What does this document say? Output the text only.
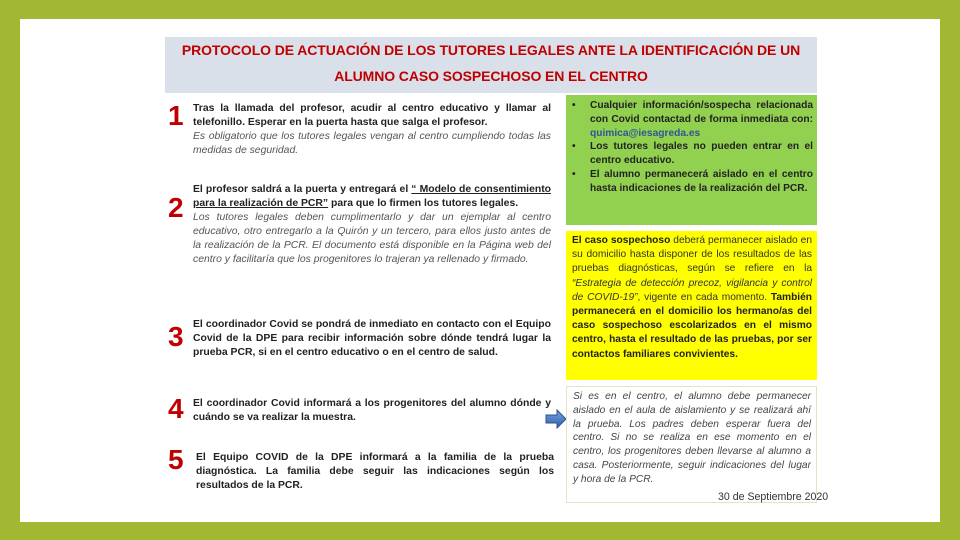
PROTOCOLO DE ACTUACIÓN DE LOS TUTORES LEGALES ANTE LA IDENTIFICACIÓN DE UN
ALUMNO CASO SOSPECHOSO EN EL CENTRO
1 Tras la llamada del profesor, acudir al centro educativo y llamar al telefonillo. Esperar en la puerta hasta que salga el profesor.
Es obligatorio que los tutores legales vengan al centro cumpliendo todas las medidas de seguridad.
2
El profesor saldrá a la puerta y entregará el “ Modelo de consentimiento para la realización de PCR” para que lo firmen los tutores legales.
Los tutores legales deben cumplimentarlo y dar un ejemplar al centro educativo, otro entregarlo a la Quirón y un tercero, para ellos justo antes de la realización de la PCR. El documento está disponible en la Página web del centro y facilitaría que los progenitores lo trajeran ya rellenado y firmado.
3 El coordinador Covid se pondrá de inmediato en contacto con el Equipo Covid de la DPE para recibir información sobre dónde tendrá lugar la prueba PCR, si en el centro educativo o en el centro de salud.
4 El coordinador Covid informará a los progenitores del alumno dónde y cuándo se va realizar la muestra.
5 El Equipo COVID de la DPE informará a la familia de la prueba diagnóstica. La familia debe seguir las indicaciones según los resultados de la PCR.
• Cualquier información/sospecha relacionada con Covid contactad de forma inmediata con: quimica@iesagreda.es
• Los tutores legales no pueden entrar en el centro educativo.
• El alumno permanecerá aislado en el centro hasta indicaciones de la realización del PCR.
El caso sospechoso deberá permanecer aislado en su domicilio hasta disponer de los resultados de las pruebas diagnósticas, según se refiere en la “Estrategia de detección precoz, vigilancia y control de COVID-19”, vigente en cada momento. También permanecerá en el domicilio los hermano/as del caso sospechoso escolarizados en el mismo centro, hasta el resultado de las pruebas, por ser contactos familiares convivientes.
Si es en el centro, el alumno debe permanecer aislado en el aula de aislamiento y se realizará ahí la prueba. Los padres deben esperar fuera del centro. Si no se realiza en ese momento en el centro, los progenitores deben llevarse al alumno a casa. Posteriormente, seguir indicaciones del lugar y hora de la PCR.
30 de Septiembre 2020
